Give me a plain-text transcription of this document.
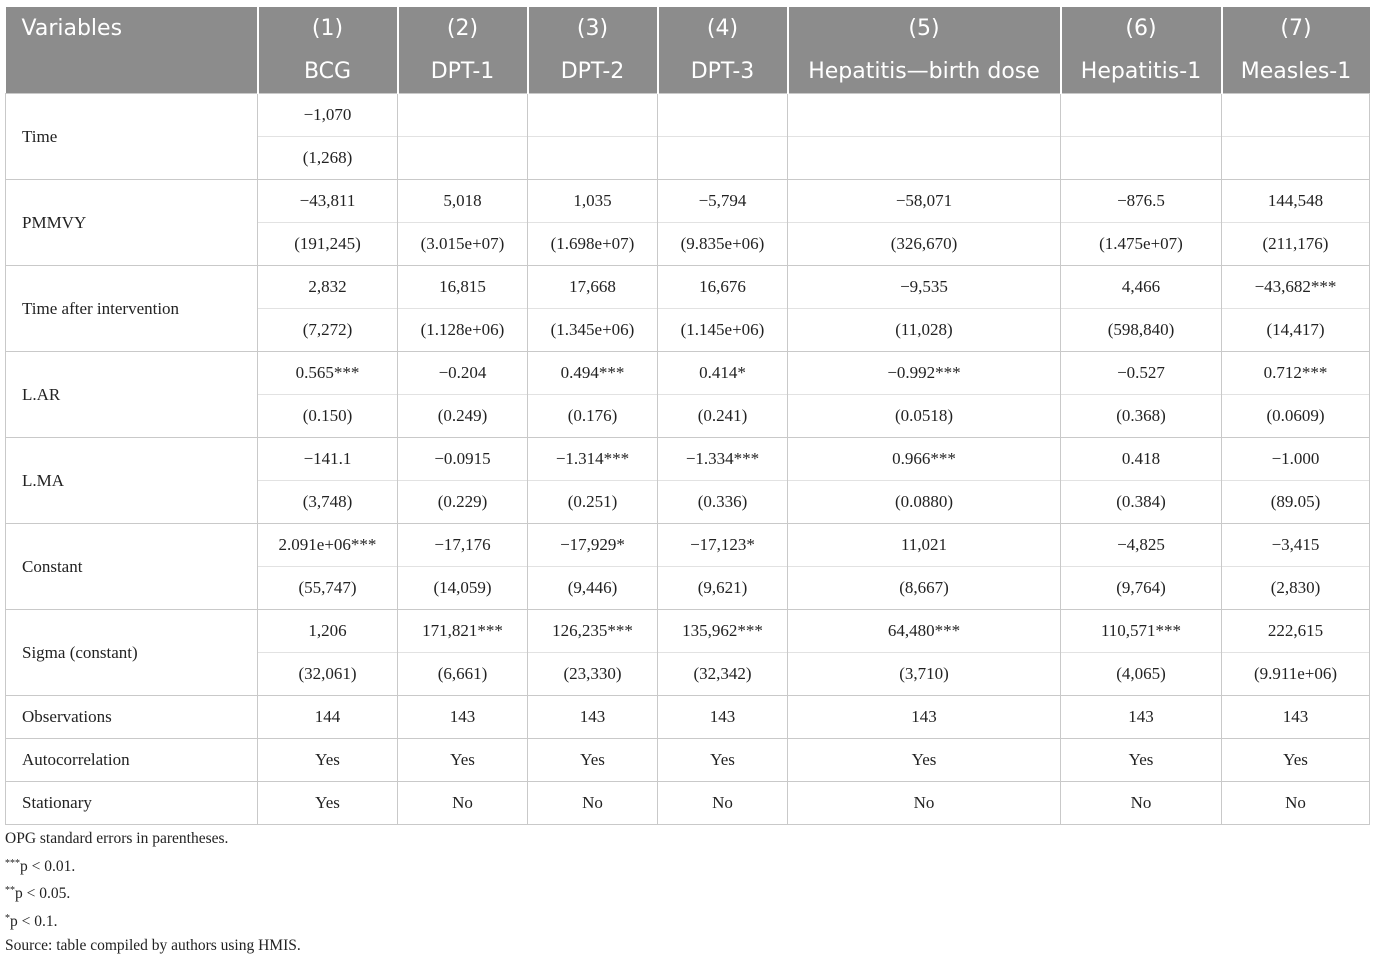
Variables	(1)	(2)	(3)	(4)	(5)	(6)	(7)
	BCG	DPT-1	DPT-2	DPT-3	Hepatitis—birth dose	Hepatitis-1	Measles-1
Time	−1,070						
	(1,268)						
PMMVY	−43,811	5,018	1,035	−5,794	−58,071	−876.5	144,548
	(191,245)	(3.015e+07)	(1.698e+07)	(9.835e+06)	(326,670)	(1.475e+07)	(211,176)
Time after intervention	2,832	16,815	17,668	16,676	−9,535	4,466	−43,682***
	(7,272)	(1.128e+06)	(1.345e+06)	(1.145e+06)	(11,028)	(598,840)	(14,417)
L.AR	0.565***	−0.204	0.494***	0.414*	−0.992***	−0.527	0.712***
	(0.150)	(0.249)	(0.176)	(0.241)	(0.0518)	(0.368)	(0.0609)
L.MA	−141.1	−0.0915	−1.314***	−1.334***	0.966***	0.418	−1.000
	(3,748)	(0.229)	(0.251)	(0.336)	(0.0880)	(0.384)	(89.05)
Constant	2.091e+06***	−17,176	−17,929*	−17,123*	11,021	−4,825	−3,415
	(55,747)	(14,059)	(9,446)	(9,621)	(8,667)	(9,764)	(2,830)
Sigma (constant)	1,206	171,821***	126,235***	135,962***	64,480***	110,571***	222,615
	(32,061)	(6,661)	(23,330)	(32,342)	(3,710)	(4,065)	(9.911e+06)
Observations	144	143	143	143	143	143	143
Autocorrelation	Yes	Yes	Yes	Yes	Yes	Yes	Yes
Stationary	Yes	No	No	No	No	No	No

OPG standard errors in parentheses.

***p < 0.01.

**p < 0.05.

*p < 0.1.

Source: table compiled by authors using HMIS.
